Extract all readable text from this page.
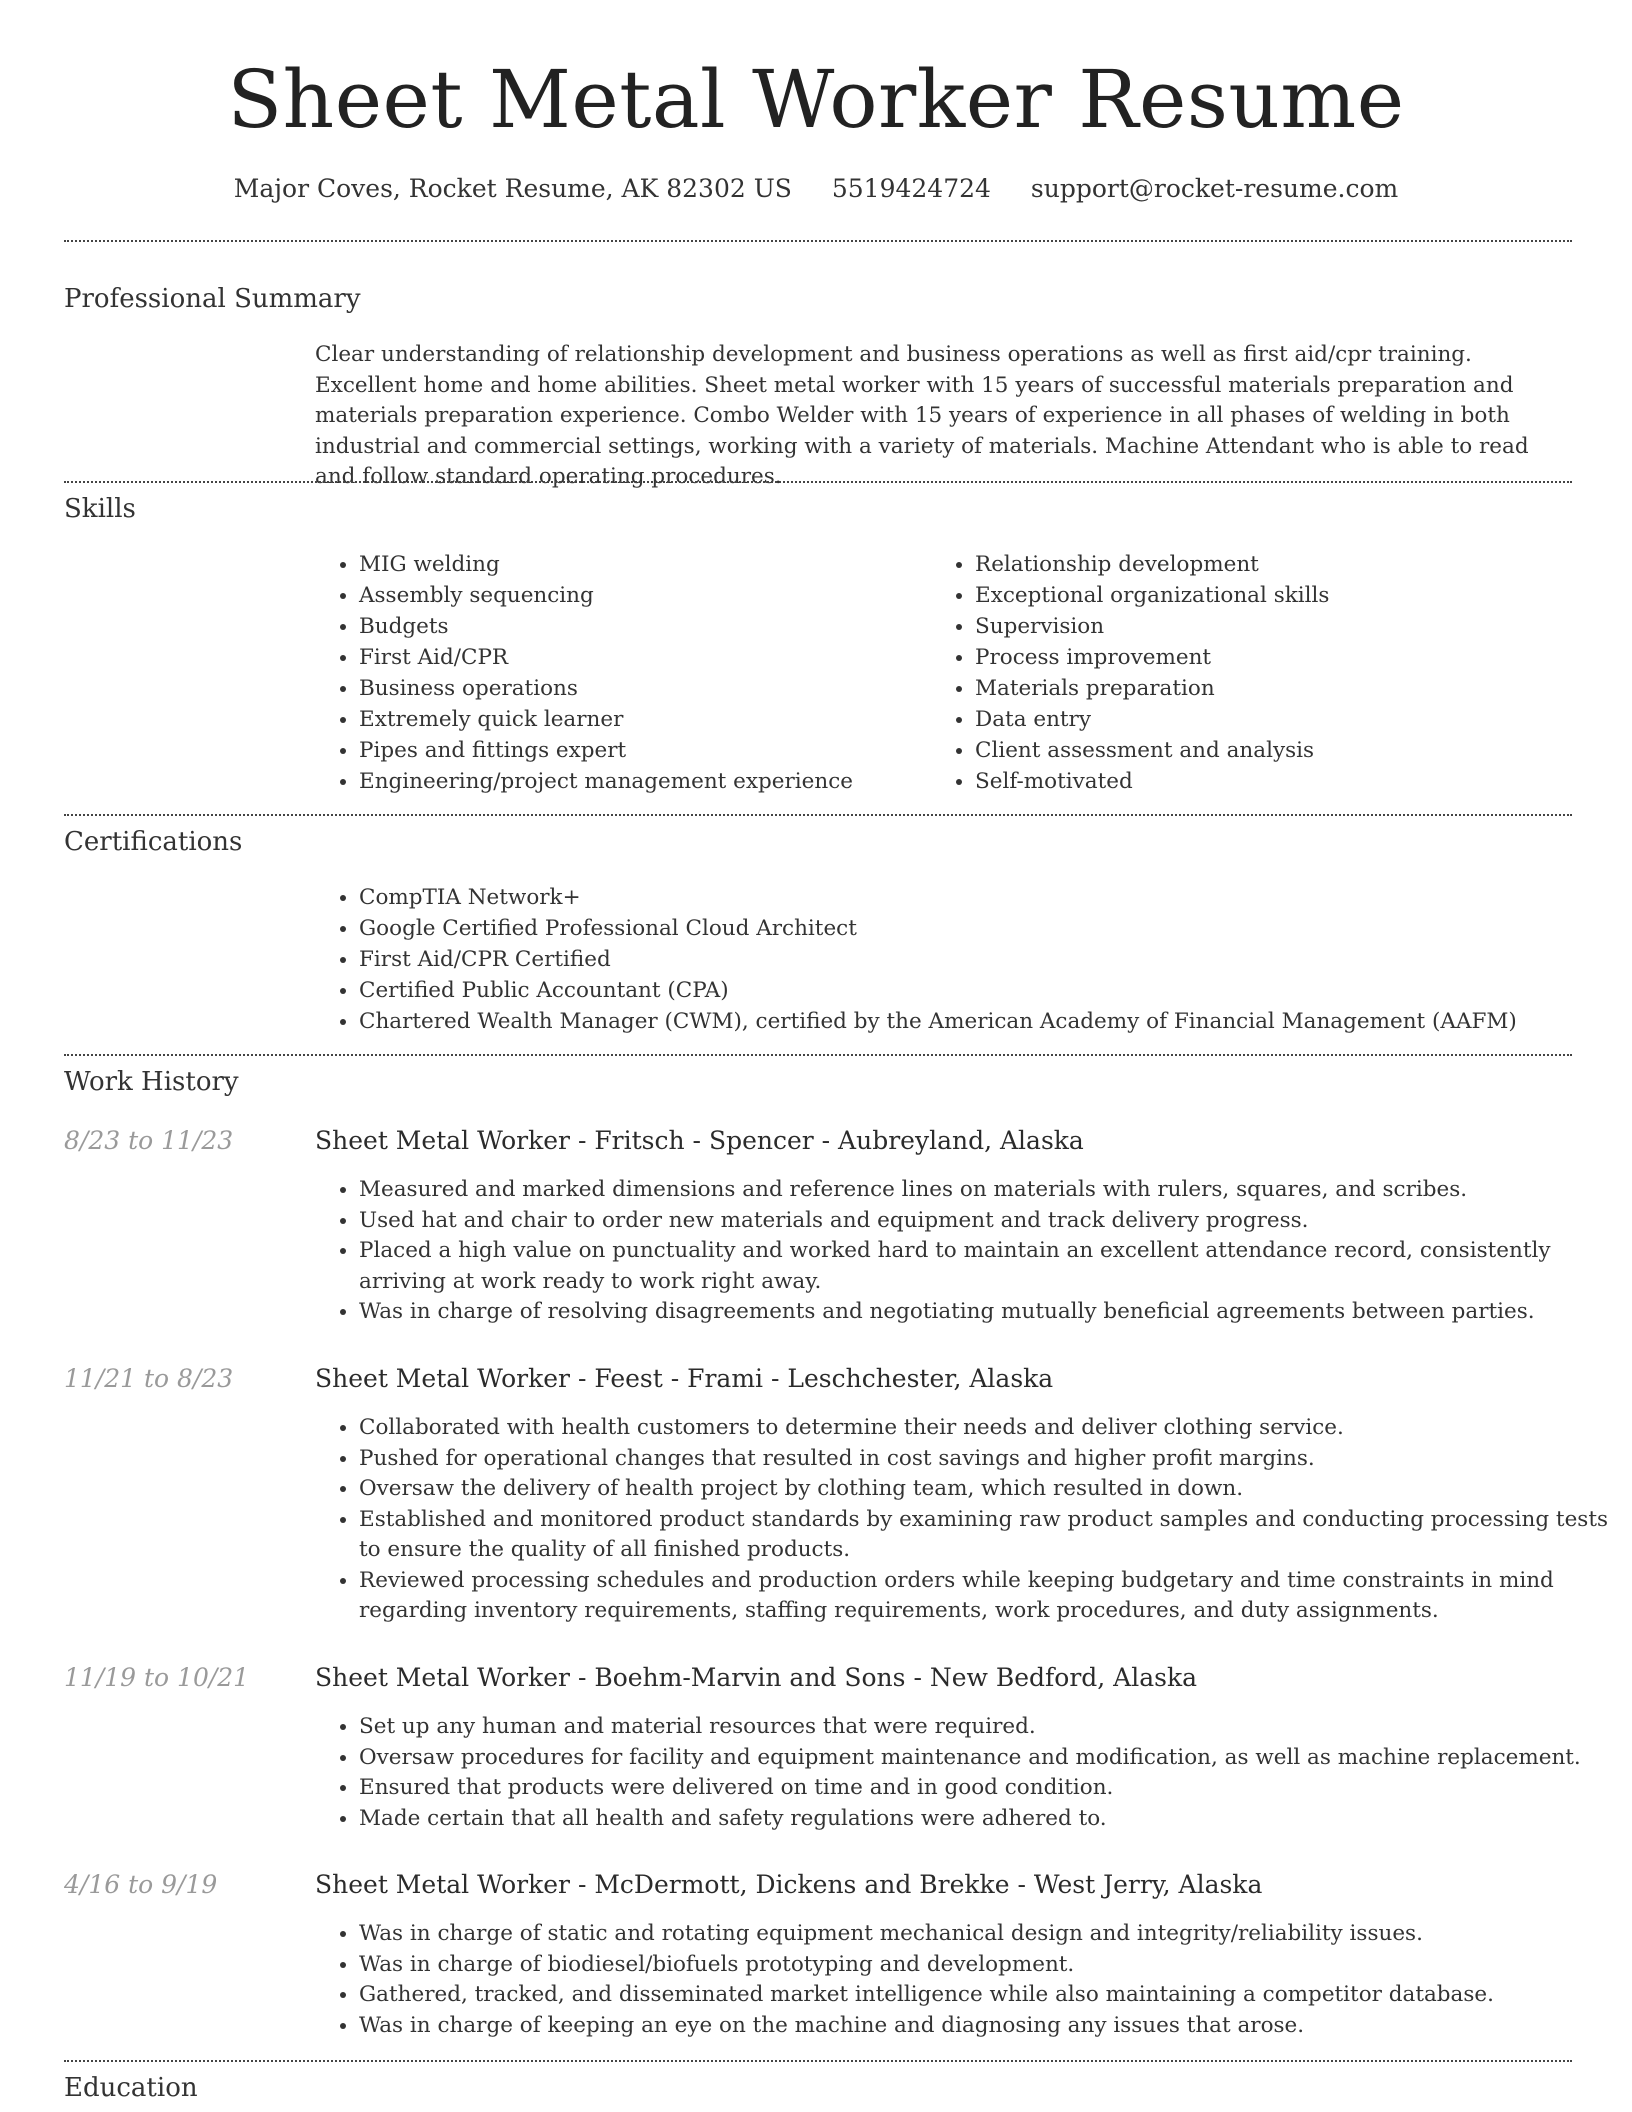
Sheet Metal Worker Resume
Major Coves, Rocket Resume, AK 82302 US 5519424724 support@rocket-resume.com
Professional Summary

Clear understanding of relationship development and business operations as well as first aid/cpr training. Excellent home and home abilities. Sheet metal worker with 15 years of successful materials preparation and materials preparation experience. Combo Welder with 15 years of experience in all phases of welding in both industrial and commercial settings, working with a variety of materials. Machine Attendant who is able to read and follow standard operating procedures.

Skills
• MIG welding
• Assembly sequencing
• Budgets
• First Aid/CPR
• Business operations
• Extremely quick learner
• Pipes and fittings expert
• Engineering/project management experience
• Relationship development
• Exceptional organizational skills
• Supervision
• Process improvement
• Materials preparation
• Data entry
• Client assessment and analysis
• Self-motivated
Certifications
• CompTIA Network+
• Google Certified Professional Cloud Architect
• First Aid/CPR Certified
• Certified Public Accountant (CPA)
• Chartered Wealth Manager (CWM), certified by the American Academy of Financial Management (AAFM)
Work History
8/23 to 11/23	Sheet Metal Worker - Fritsch - Spencer - Aubreyland, Alaska
• Measured and marked dimensions and reference lines on materials with rulers, squares, and scribes.
• Used hat and chair to order new materials and equipment and track delivery progress.
• Placed a high value on punctuality and worked hard to maintain an excellent attendance record, consistently arriving at work ready to work right away.
• Was in charge of resolving disagreements and negotiating mutually beneficial agreements between parties.
11/21 to 8/23	Sheet Metal Worker - Feest - Frami - Leschchester, Alaska
• Collaborated with health customers to determine their needs and deliver clothing service.
• Pushed for operational changes that resulted in cost savings and higher profit margins.
• Oversaw the delivery of health project by clothing team, which resulted in down.
• Established and monitored product standards by examining raw product samples and conducting processing tests to ensure the quality of all finished products.
• Reviewed processing schedules and production orders while keeping budgetary and time constraints in mind regarding inventory requirements, staffing requirements, work procedures, and duty assignments.
11/19 to 10/21	Sheet Metal Worker - Boehm-Marvin and Sons - New Bedford, Alaska
• Set up any human and material resources that were required.
• Oversaw procedures for facility and equipment maintenance and modification, as well as machine replacement.
• Ensured that products were delivered on time and in good condition.
• Made certain that all health and safety regulations were adhered to.
4/16 to 9/19	Sheet Metal Worker - McDermott, Dickens and Brekke - West Jerry, Alaska
• Was in charge of static and rotating equipment mechanical design and integrity/reliability issues.
• Was in charge of biodiesel/biofuels prototyping and development.
• Gathered, tracked, and disseminated market intelligence while also maintaining a competitor database.
• Was in charge of keeping an eye on the machine and diagnosing any issues that arose.
Education
